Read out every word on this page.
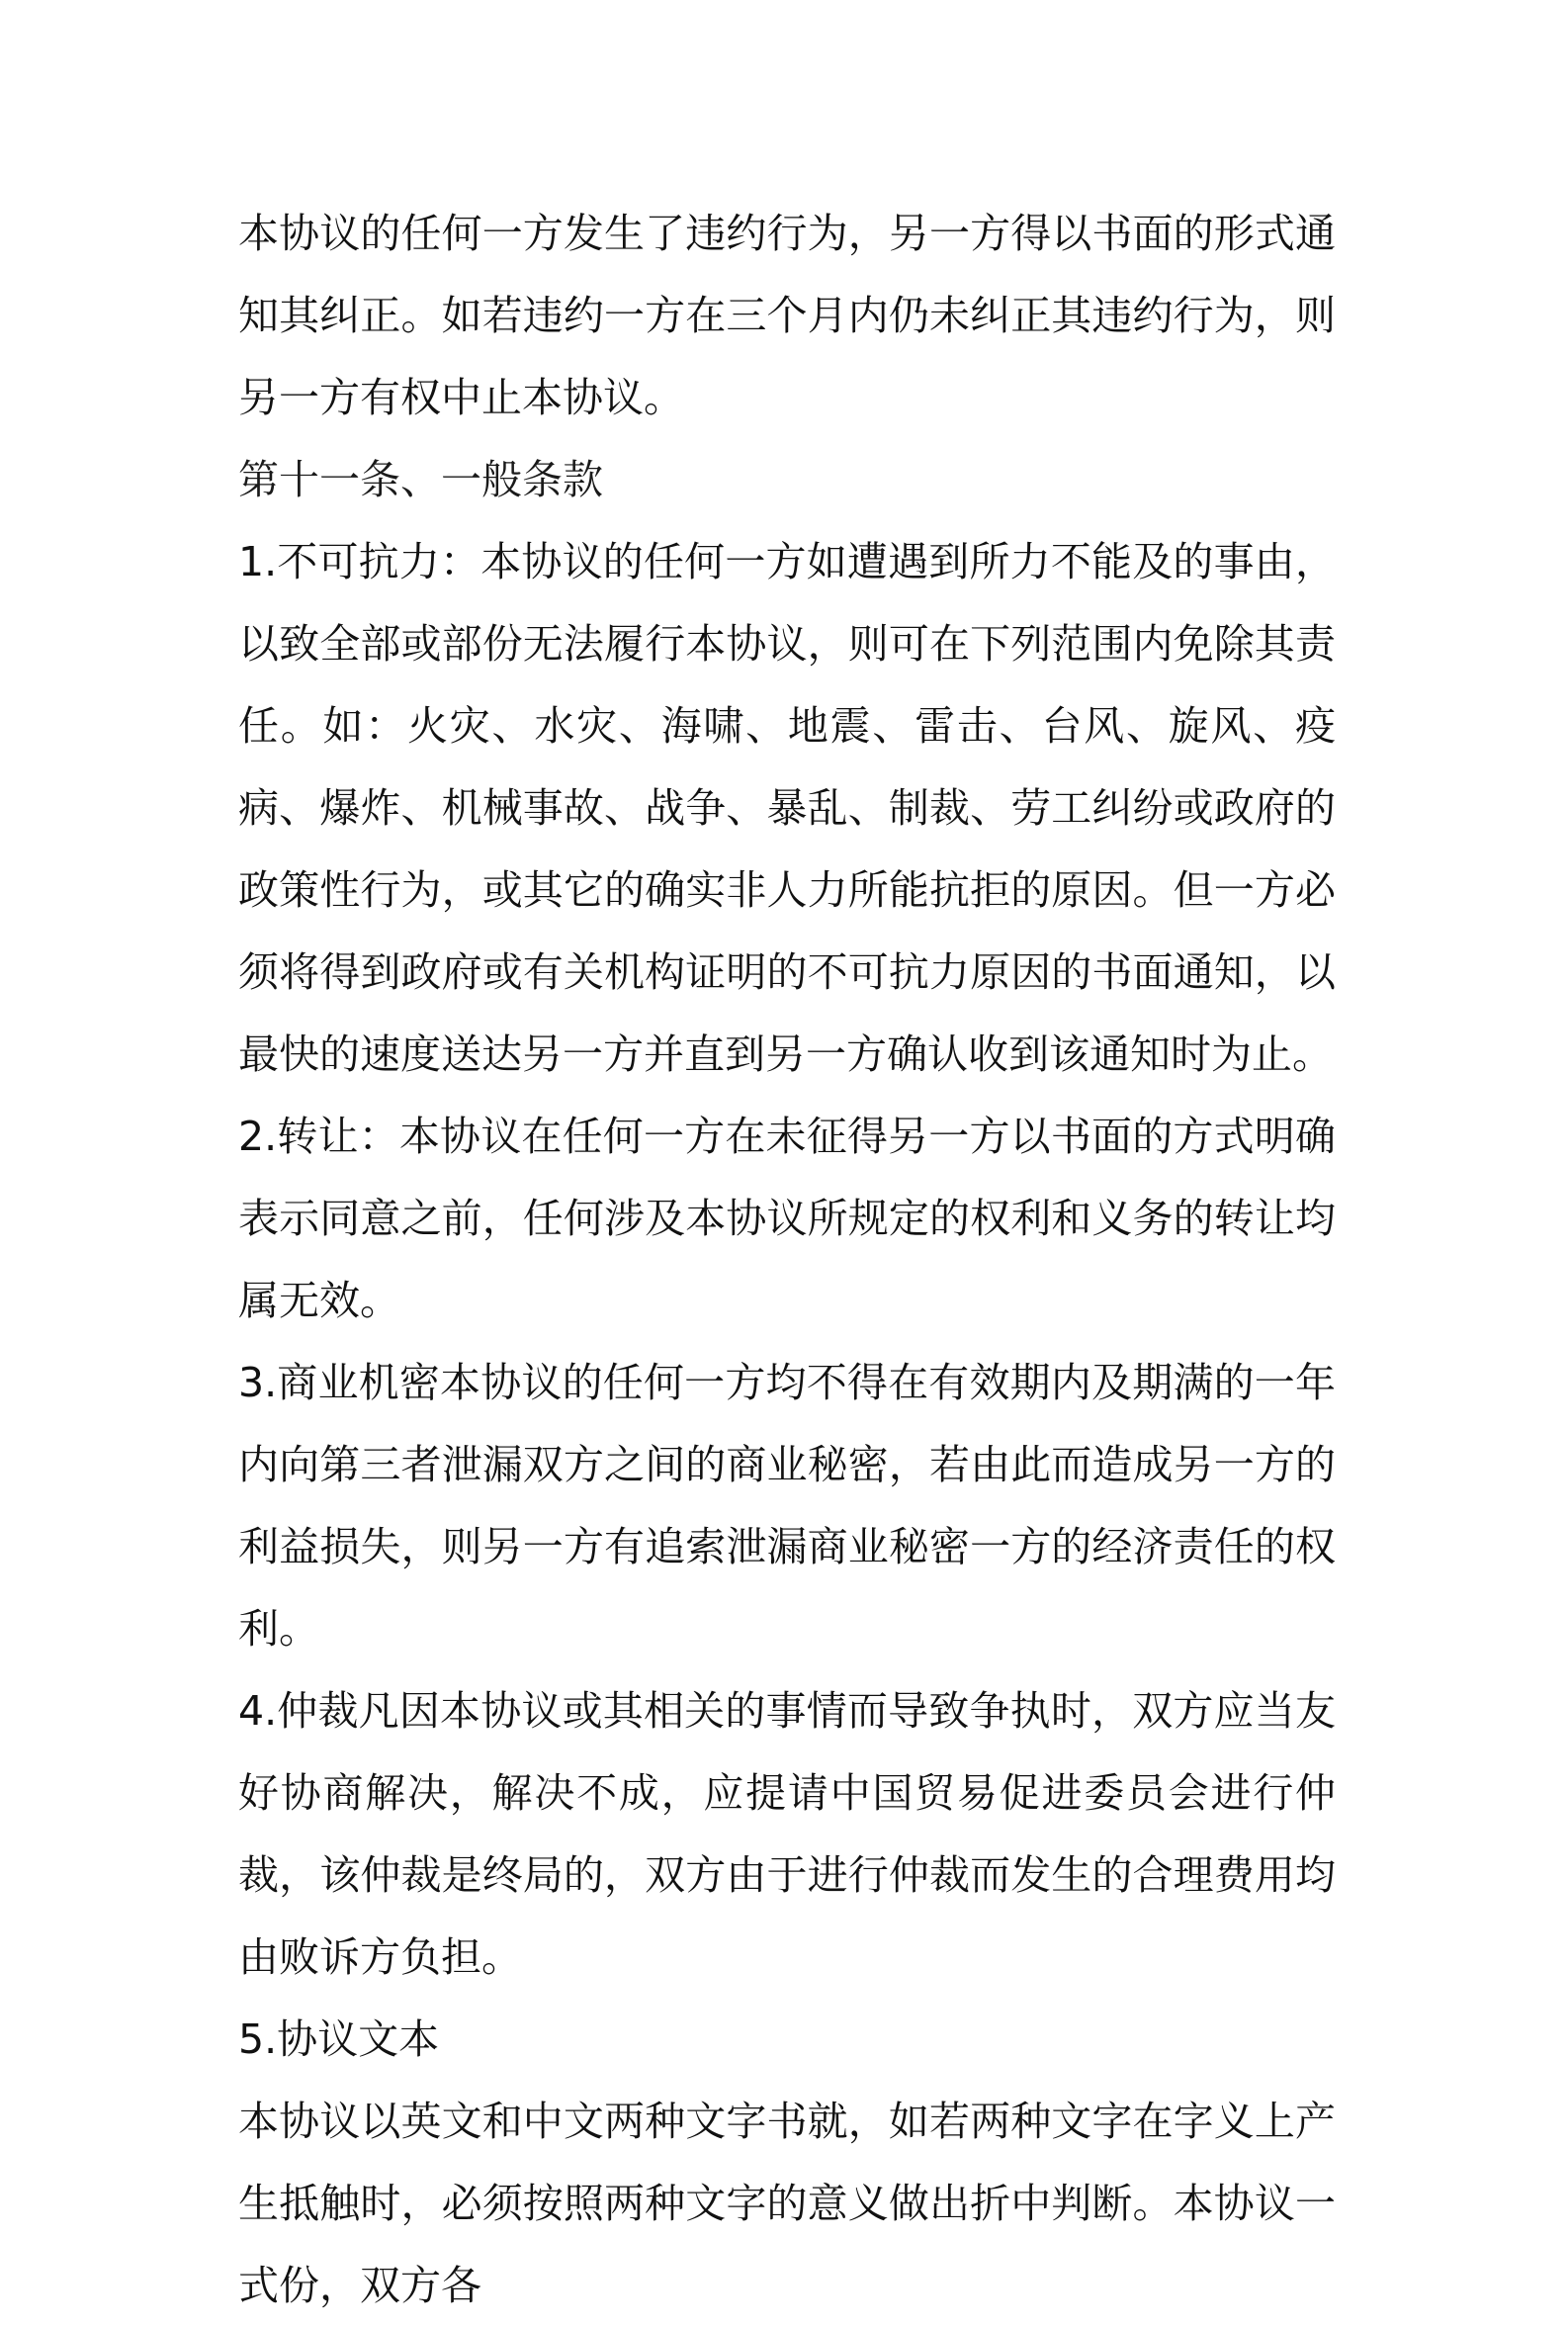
本协议的任何一方发生了违约行为，另一方得以书面的形式通知其纠正。如若违约一方在三个月内仍未纠正其违约行为，则另一方有权中止本协议。

第十一条、一般条款

1.不可抗力：本协议的任何一方如遭遇到所力不能及的事由，以致全部或部份无法履行本协议，则可在下列范围内免除其责任。如：火灾、水灾、海啸、地震、雷击、台风、旋风、疫病、爆炸、机械事故、战争、暴乱、制裁、劳工纠纷或政府的政策性行为，或其它的确实非人力所能抗拒的原因。但一方必须将得到政府或有关机构证明的不可抗力原因的书面通知，以最快的速度送达另一方并直到另一方确认收到该通知时为止。

2.转让：本协议在任何一方在未征得另一方以书面的方式明确表示同意之前，任何涉及本协议所规定的权利和义务的转让均属无效。

3.商业机密本协议的任何一方均不得在有效期内及期满的一年内向第三者泄漏双方之间的商业秘密，若由此而造成另一方的利益损失，则另一方有追索泄漏商业秘密一方的经济责任的权利。

4.仲裁凡因本协议或其相关的事情而导致争执时，双方应当友好协商解决，解决不成，应提请中国贸易促进委员会进行仲裁，该仲裁是终局的，双方由于进行仲裁而发生的合理费用均由败诉方负担。

5.协议文本

本协议以英文和中文两种文字书就，如若两种文字在字义上产生抵触时，必须按照两种文字的意义做出折中判断。本协议一式份，双方各
